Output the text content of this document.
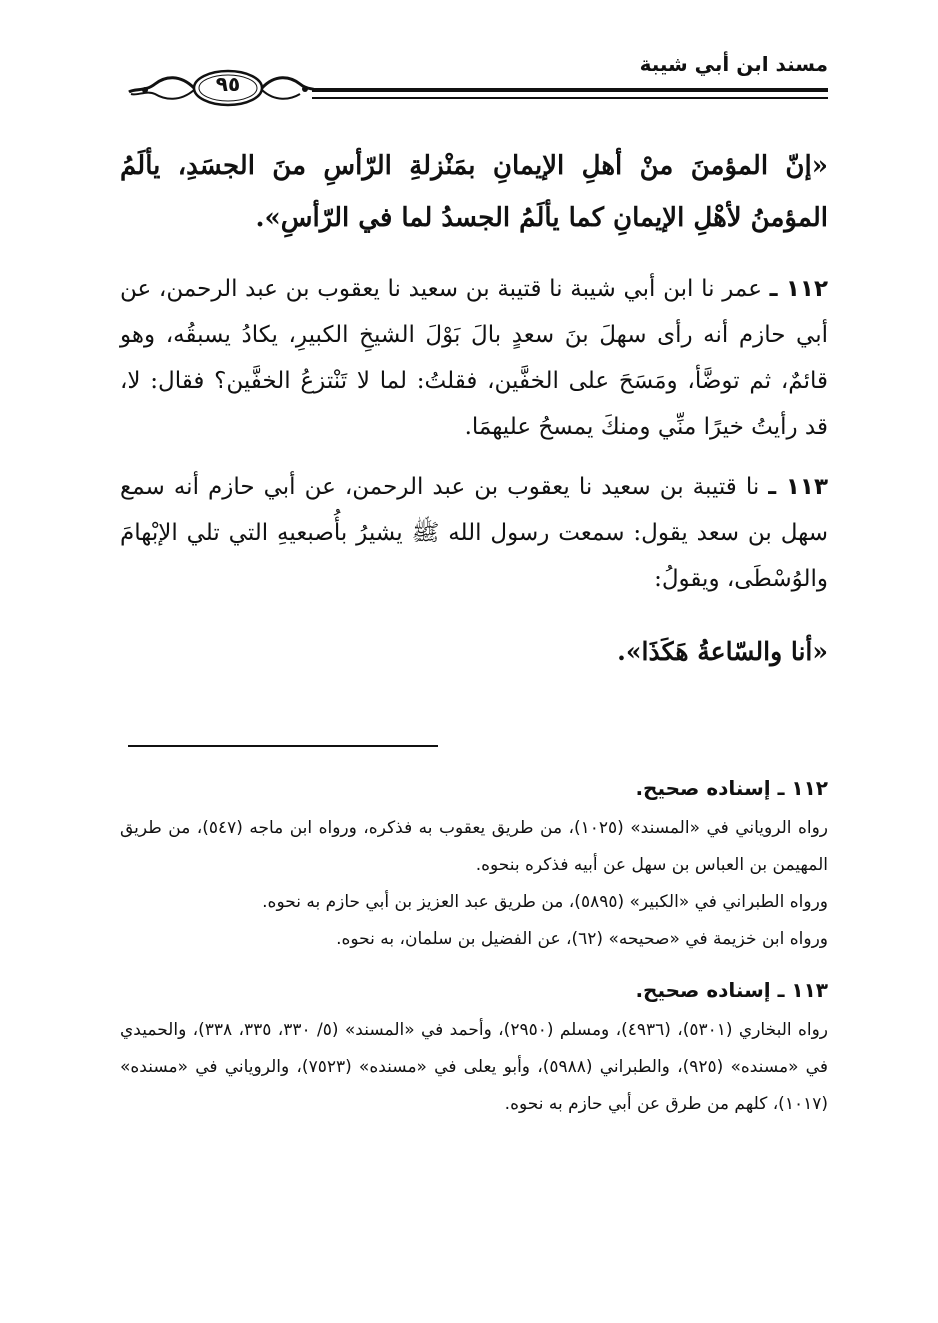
مسند ابن أبي شيبة
٩٥

«إنّ المؤمنَ منْ أهلِ الإيمانِ بمَنْزلةِ الرّأسِ منَ الجسَدِ، يألَمُ المؤمنُ لأهْلِ الإيمانِ كما يألَمُ الجسدُ لما في الرّأسِ».

١١٢ ـ عمر نا ابن أبي شيبة نا قتيبة بن سعيد نا يعقوب بن عبد الرحمن، عن أبي حازم أنه رأى سهلَ بنَ سعدٍ بالَ بَوْلَ الشيخِ الكبيرِ، يكادُ يسبقُه، وهو قائمٌ، ثم توضَّأ، ومَسَحَ على الخفَّين، فقلتُ: لما لا تَنْتزعُ الخفَّين؟ فقال: لا، قد رأيتُ خيرًا منِّي ومنكَ يمسحُ عليهمَا.

١١٣ ـ نا قتيبة بن سعيد نا يعقوب بن عبد الرحمن، عن أبي حازم أنه سمع سهل بن سعد يقول: سمعت رسول الله ﷺ يشيرُ بأُصبعيهِ التي تلي الإبْهامَ والوُسْطَى، ويقولُ:

«أنا والسّاعةُ هَكَذَا».

١١٢ ـ إسناده صحيح.

رواه الروياني في «المسند» (١٠٢٥)، من طريق يعقوب به فذكره، ورواه ابن ماجه (٥٤٧)، من طريق المهيمن بن العباس بن سهل عن أبيه فذكره بنحوه.

ورواه الطبراني في «الكبير» (٥٨٩٥)، من طريق عبد العزيز بن أبي حازم به نحوه.

ورواه ابن خزيمة في «صحيحه» (٦٢)، عن الفضيل بن سلمان، به نحوه.

١١٣ ـ إسناده صحيح.

رواه البخاري (٥٣٠١)، (٤٩٣٦)، ومسلم (٢٩٥٠)، وأحمد في «المسند» (٥/ ٣٣٠، ٣٣٥، ٣٣٨)، والحميدي في «مسنده» (٩٢٥)، والطبراني (٥٩٨٨)، وأبو يعلى في «مسنده» (٧٥٢٣)، والروياني في «مسنده» (١٠١٧)، كلهم من طرق عن أبي حازم به نحوه.
